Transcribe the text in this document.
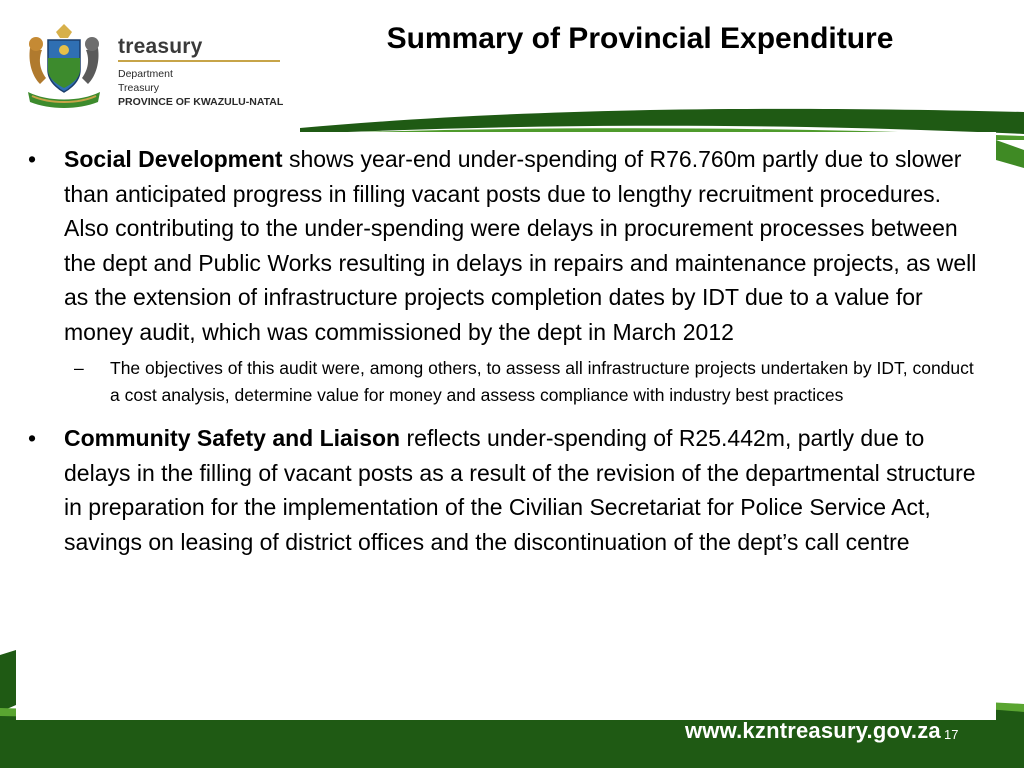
treasury
Department
Treasury
PROVINCE OF KWAZULU-NATAL
Summary of Provincial Expenditure
• Social Development shows year-end under-spending of R76.760m partly due to slower than anticipated progress in filling vacant posts due to lengthy recruitment procedures. Also contributing to the under-spending were delays in procurement processes between the dept and Public Works resulting in delays in repairs and maintenance projects, as well as the extension of infrastructure projects completion dates by IDT due to a value for money audit, which was commissioned by the dept in March 2012
– The objectives of this audit were, among others, to assess all infrastructure projects undertaken by IDT, conduct a cost analysis, determine value for money and assess compliance with industry best practices
• Community Safety and Liaison reflects under-spending of R25.442m, partly due to delays in the filling of vacant posts as a result of the revision of the departmental structure in preparation for the implementation of the Civilian Secretariat for Police Service Act, savings on leasing of district offices and the discontinuation of the dept’s call centre
www.kzntreasury.gov.za 17
